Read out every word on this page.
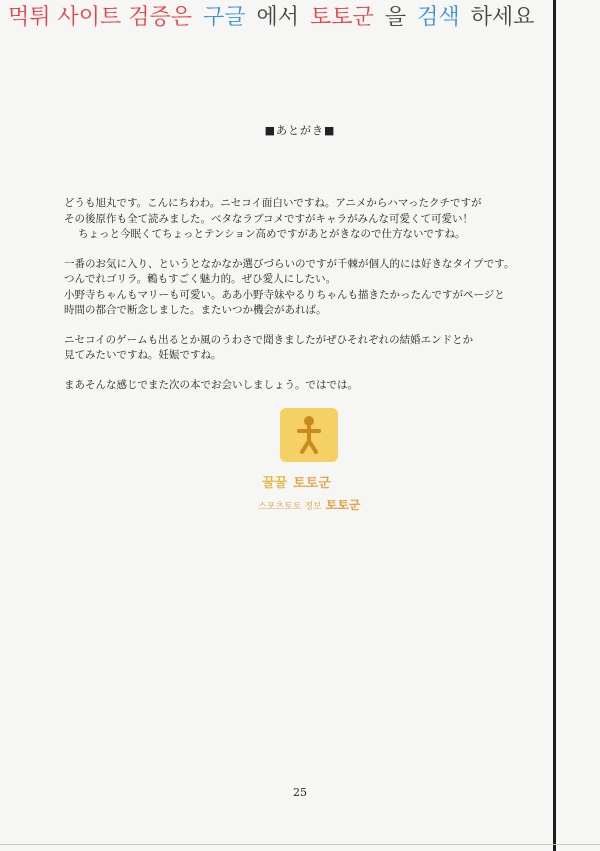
먹튀 사이트 검증은 구글 에서 토토군 을 검색 하세요
■あとがき■
どうも旭丸です。こんにちわわ。ニセコイ面白いですね。アニメからハマったクチですが
その後原作も全て読みました。ベタなラブコメですがキャラがみんな可愛くて可愛い！
ちょっと今眠くてちょっとテンション高めですがあとがきなので仕方ないですね。
一番のお気に入り、というとなかなか選びづらいのですが千棘が個人的には好きなタイプです。
つんでれゴリラ。鶫もすごく魅力的。ぜひ愛人にしたい。
小野寺ちゃんもマリーも可愛い。ああ小野寺妹やるりちゃんも描きたかったんですがページと
時間の都合で断念しました。またいつか機会があれば。
ニセコイのゲームも出るとか風のうわさで聞きましたがぜひそれぞれの結婚エンドとか
見てみたいですね。妊娠ですね。
まあそんな感じでまた次の本でお会いしましょう。ではでは。
꿀꿀 토토군
스포츠토토 정보 토토군
25
